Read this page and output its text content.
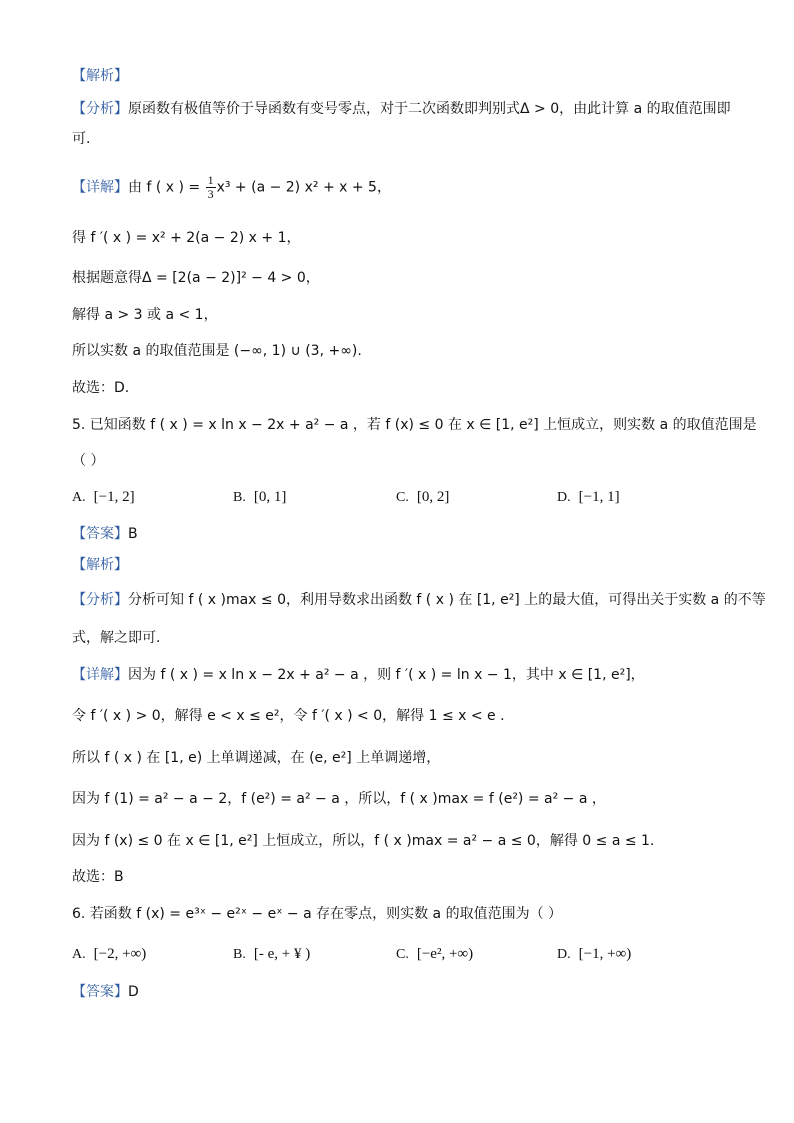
【解析】
【分析】原函数有极值等价于导函数有变号零点，对于二次函数即判别式Δ > 0，由此计算 a 的取值范围即
可.
【详解】由 f ( x ) = $\frac{1}{3} x^3 + (a - 2) x^2 + x + 5$，
得 f ′( x ) = x² + 2(a − 2) x + 1，
根据题意得Δ = [2(a − 2)]² − 4 > 0，
解得 a > 3 或 a < 1，
所以实数 a 的取值范围是 (−∞, 1) ∪ (3, +∞).
故选：D.
5. 已知函数 f ( x ) = x ln x − 2x + a² − a ，若 f (x) ≤ 0 在 x ∈ [1, e²] 上恒成立，则实数 a 的取值范围是
（ ）
A. [−1, 2]	B. [0, 1]	C. [0, 2]	D. [−1, 1]
【答案】B
【解析】
【分析】分析可知 f ( x )max ≤ 0，利用导数求出函数 f ( x ) 在 [1, e²] 上的最大值，可得出关于实数 a 的不等
式，解之即可.
【详解】因为 f ( x ) = x ln x − 2x + a² − a ，则 f ′( x ) = ln x − 1，其中 x ∈ [1, e²]，
令 f ′( x ) > 0，解得 e < x ≤ e²，令 f ′( x ) < 0，解得 1 ≤ x < e .
所以 f ( x ) 在 [1, e) 上单调递减，在 (e, e²] 上单调递增，
因为 f (1) = a² − a − 2，f (e²) = a² − a ，所以，f ( x )max = f (e²) = a² − a ，
因为 f (x) ≤ 0 在 x ∈ [1, e²] 上恒成立，所以，f ( x )max = a² − a ≤ 0，解得 0 ≤ a ≤ 1.
故选：B
6. 若函数 f (x) = e³ˣ − e²ˣ − eˣ − a 存在零点，则实数 a 的取值范围为（ ）
A. [−2, +∞)	B. [- e, + ¥ )	C. [−e², +∞)	D. [−1, +∞)
【答案】D
